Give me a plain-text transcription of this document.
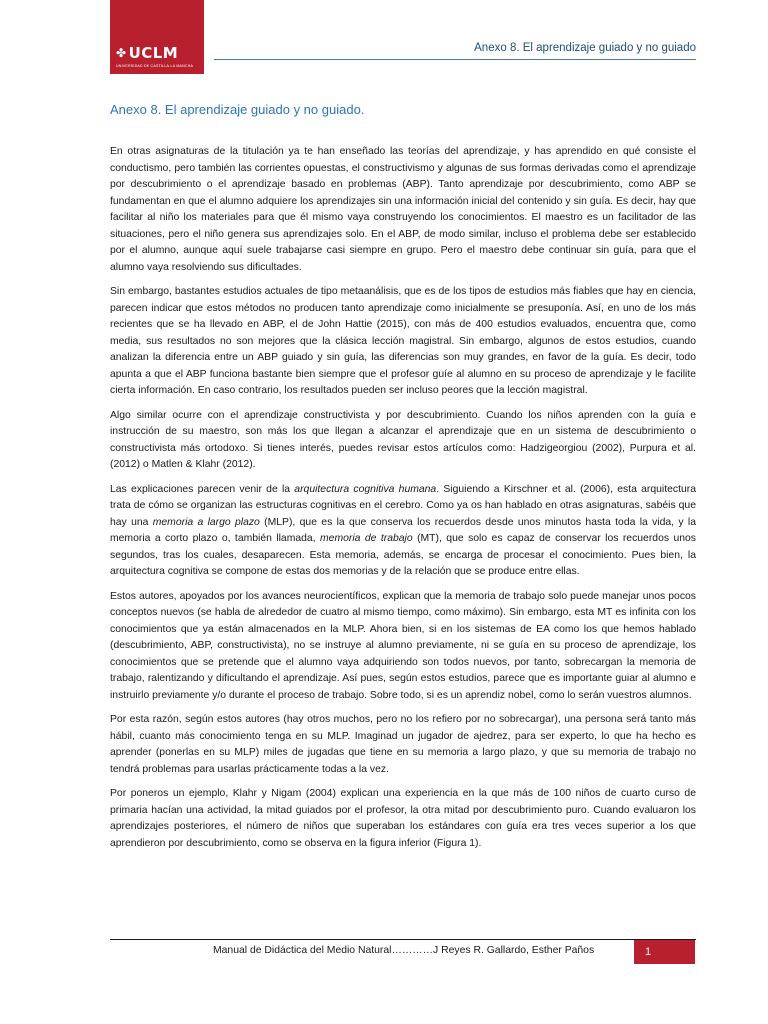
✤ UCLM
UNIVERSIDAD DE CASTILLA-LA MANCHA
Anexo 8. El aprendizaje guiado y no guiado
Anexo 8. El aprendizaje guiado y no guiado.

En otras asignaturas de la titulación ya te han enseñado las teorías del aprendizaje, y has aprendido en qué consiste el conductismo, pero también las corrientes opuestas, el constructivismo y algunas de sus formas derivadas como el aprendizaje por descubrimiento o el aprendizaje basado en problemas (ABP). Tanto aprendizaje por descubrimiento, como ABP se fundamentan en que el alumno adquiere los aprendizajes sin una información inicial del contenido y sin guía. Es decir, hay que facilitar al niño los materiales para que él mismo vaya construyendo los conocimientos. El maestro es un facilitador de las situaciones, pero el niño genera sus aprendizajes solo. En el ABP, de modo similar, incluso el problema debe ser establecido por el alumno, aunque aquí suele trabajarse casi siempre en grupo. Pero el maestro debe continuar sin guía, para que el alumno vaya resolviendo sus dificultades.

Sin embargo, bastantes estudios actuales de tipo metaanálisis, que es de los tipos de estudios más fiables que hay en ciencia, parecen indicar que estos métodos no producen tanto aprendizaje como inicialmente se presuponía. Así, en uno de los más recientes que se ha llevado en ABP, el de John Hattie (2015), con más de 400 estudios evaluados, encuentra que, como media, sus resultados no son mejores que la clásica lección magistral. Sin embargo, algunos de estos estudios, cuando analizan la diferencia entre un ABP guiado y sin guía, las diferencias son muy grandes, en favor de la guía. Es decir, todo apunta a que el ABP funciona bastante bien siempre que el profesor guíe al alumno en su proceso de aprendizaje y le facilite cierta información. En caso contrario, los resultados pueden ser incluso peores que la lección magistral.

Algo similar ocurre con el aprendizaje constructivista y por descubrimiento. Cuando los niños aprenden con la guía e instrucción de su maestro, son más los que llegan a alcanzar el aprendizaje que en un sistema de descubrimiento o constructivista más ortodoxo. Si tienes interés, puedes revisar estos artículos como: Hadzigeorgiou (2002), Purpura et al. (2012) o Matlen & Klahr (2012).

Las explicaciones parecen venir de la arquitectura cognitiva humana. Siguiendo a Kirschner et al. (2006), esta arquitectura trata de cómo se organizan las estructuras cognitivas en el cerebro. Como ya os han hablado en otras asignaturas, sabéis que hay una memoria a largo plazo (MLP), que es la que conserva los recuerdos desde unos minutos hasta toda la vida, y la memoria a corto plazo o, también llamada, memoria de trabajo (MT), que solo es capaz de conservar los recuerdos unos segundos, tras los cuales, desaparecen. Esta memoria, además, se encarga de procesar el conocimiento. Pues bien, la arquitectura cognitiva se compone de estas dos memorias y de la relación que se produce entre ellas.

Estos autores, apoyados por los avances neurocientíficos, explican que la memoria de trabajo solo puede manejar unos pocos conceptos nuevos (se habla de alrededor de cuatro al mismo tiempo, como máximo). Sin embargo, esta MT es infinita con los conocimientos que ya están almacenados en la MLP. Ahora bien, si en los sistemas de EA como los que hemos hablado (descubrimiento, ABP, constructivista), no se instruye al alumno previamente, ni se guía en su proceso de aprendizaje, los conocimientos que se pretende que el alumno vaya adquiriendo son todos nuevos, por tanto, sobrecargan la memoria de trabajo, ralentizando y dificultando el aprendizaje. Así pues, según estos estudios, parece que es importante guiar al alumno e instruirlo previamente y/o durante el proceso de trabajo. Sobre todo, si es un aprendiz nobel, como lo serán vuestros alumnos.

Por esta razón, según estos autores (hay otros muchos, pero no los refiero por no sobrecargar), una persona será tanto más hábil, cuanto más conocimiento tenga en su MLP. Imaginad un jugador de ajedrez, para ser experto, lo que ha hecho es aprender (ponerlas en su MLP) miles de jugadas que tiene en su memoria a largo plazo, y que su memoria de trabajo no tendrá problemas para usarlas prácticamente todas a la vez.

Por poneros un ejemplo, Klahr y Nigam (2004) explican una experiencia en la que más de 100 niños de cuarto curso de primaria hacían una actividad, la mitad guiados por el profesor, la otra mitad por descubrimiento puro. Cuando evaluaron los aprendizajes posteriores, el número de niños que superaban los estándares con guía era tres veces superior a los que aprendieron por descubrimiento, como se observa en la figura inferior (Figura 1).

Manual de Didáctica del Medio Natural…………J Reyes R. Gallardo, Esther Paños	1
